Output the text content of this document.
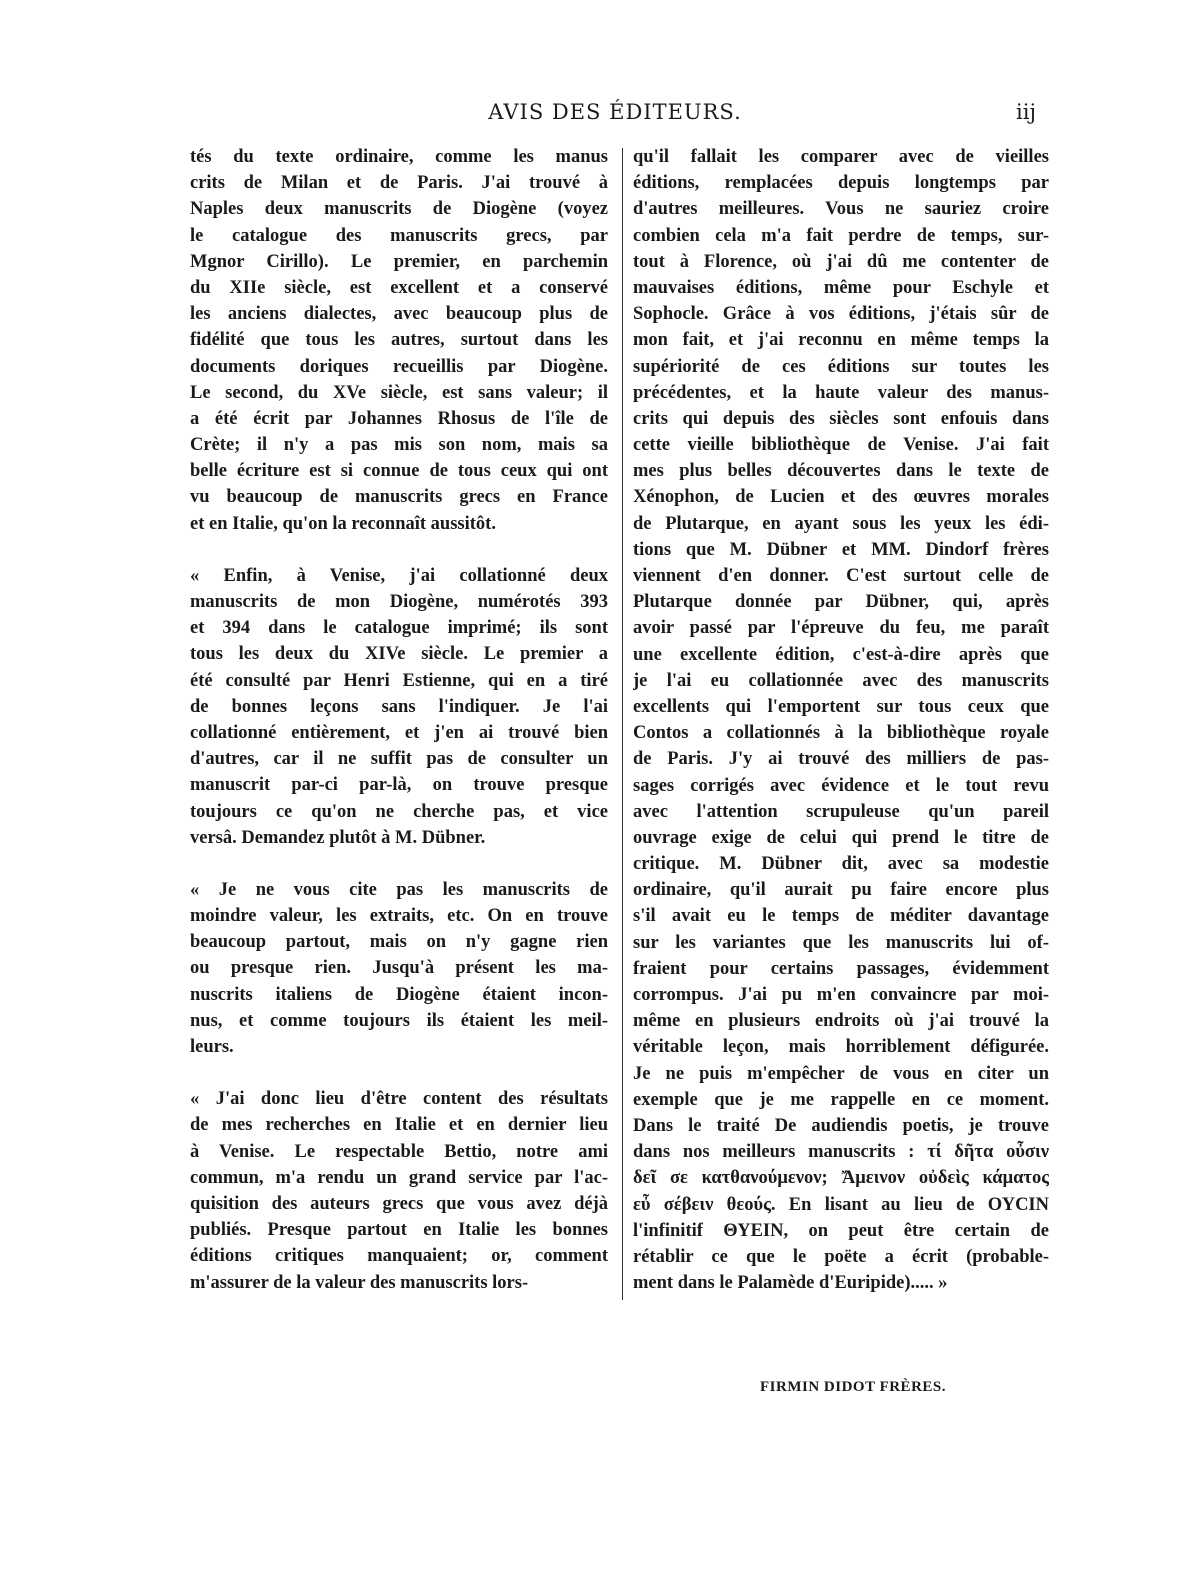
AVIS DES ÉDITEURS.	iij

tés du texte ordinaire, comme les manus
crits de Milan et de Paris. J'ai trouvé à
Naples deux manuscrits de Diogène (voyez
le catalogue des manuscrits grecs, par
Mgnor Cirillo). Le premier, en parchemin
du XIIe siècle, est excellent et a conservé
les anciens dialectes, avec beaucoup plus de
fidélité que tous les autres, surtout dans les
documents doriques recueillis par Diogène.
Le second, du XVe siècle, est sans valeur; il
a été écrit par Johannes Rhosus de l'île de
Crète; il n'y a pas mis son nom, mais sa
belle écriture est si connue de tous ceux qui ont
vu beaucoup de manuscrits grecs en France
et en Italie, qu'on la reconnaît aussitôt.

« Enfin, à Venise, j'ai collationné deux
manuscrits de mon Diogène, numérotés 393
et 394 dans le catalogue imprimé; ils sont
tous les deux du XIVe siècle. Le premier a
été consulté par Henri Estienne, qui en a tiré
de bonnes leçons sans l'indiquer. Je l'ai
collationné entièrement, et j'en ai trouvé bien
d'autres, car il ne suffit pas de consulter un
manuscrit par-ci par-là, on trouve presque
toujours ce qu'on ne cherche pas, et vice
versâ. Demandez plutôt à M. Dübner.

« Je ne vous cite pas les manuscrits de
moindre valeur, les extraits, etc. On en trouve
beaucoup partout, mais on n'y gagne rien
ou presque rien. Jusqu'à présent les ma-
nuscrits italiens de Diogène étaient incon-
nus, et comme toujours ils étaient les meil-
leurs.

« J'ai donc lieu d'être content des résultats
de mes recherches en Italie et en dernier lieu
à Venise. Le respectable Bettio, notre ami
commun, m'a rendu un grand service par l'ac-
quisition des auteurs grecs que vous avez déjà
publiés. Presque partout en Italie les bonnes
éditions critiques manquaient; or, comment
m'assurer de la valeur des manuscrits lors-

qu'il fallait les comparer avec de vieilles
éditions, remplacées depuis longtemps par
d'autres meilleures. Vous ne sauriez croire
combien cela m'a fait perdre de temps, sur-
tout à Florence, où j'ai dû me contenter de
mauvaises éditions, même pour Eschyle et
Sophocle. Grâce à vos éditions, j'étais sûr de
mon fait, et j'ai reconnu en même temps la
supériorité de ces éditions sur toutes les
précédentes, et la haute valeur des manus-
crits qui depuis des siècles sont enfouis dans
cette vieille bibliothèque de Venise. J'ai fait
mes plus belles découvertes dans le texte de
Xénophon, de Lucien et des œuvres morales
de Plutarque, en ayant sous les yeux les édi-
tions que M. Dübner et MM. Dindorf frères
viennent d'en donner. C'est surtout celle de
Plutarque donnée par Dübner, qui, après
avoir passé par l'épreuve du feu, me paraît
une excellente édition, c'est-à-dire après que
je l'ai eu collationnée avec des manuscrits
excellents qui l'emportent sur tous ceux que
Contos a collationnés à la bibliothèque royale
de Paris. J'y ai trouvé des milliers de pas-
sages corrigés avec évidence et le tout revu
avec l'attention scrupuleuse qu'un pareil
ouvrage exige de celui qui prend le titre de
critique. M. Dübner dit, avec sa modestie
ordinaire, qu'il aurait pu faire encore plus
s'il avait eu le temps de méditer davantage
sur les variantes que les manuscrits lui of-
fraient pour certains passages, évidemment
corrompus. J'ai pu m'en convaincre par moi-
même en plusieurs endroits où j'ai trouvé la
véritable leçon, mais horriblement défigurée.
Je ne puis m'empêcher de vous en citer un
exemple que je me rappelle en ce moment.
Dans le traité De audiendis poetis, je trouve
dans nos meilleurs manuscrits : τί δῆτα οὖσιν
δεῖ σε κατθανούμενον; Ἄμεινον οὐδεὶς κάματος
εὖ σέβειν θεούς. En lisant au lieu de ΟΥCΙΝ
l'infinitif ΘΥΕΙΝ, on peut être certain de
rétablir ce que le poëte a écrit (probable-
ment dans le Palamède d'Euripide)..... »

FIRMIN DIDOT FRÈRES.
